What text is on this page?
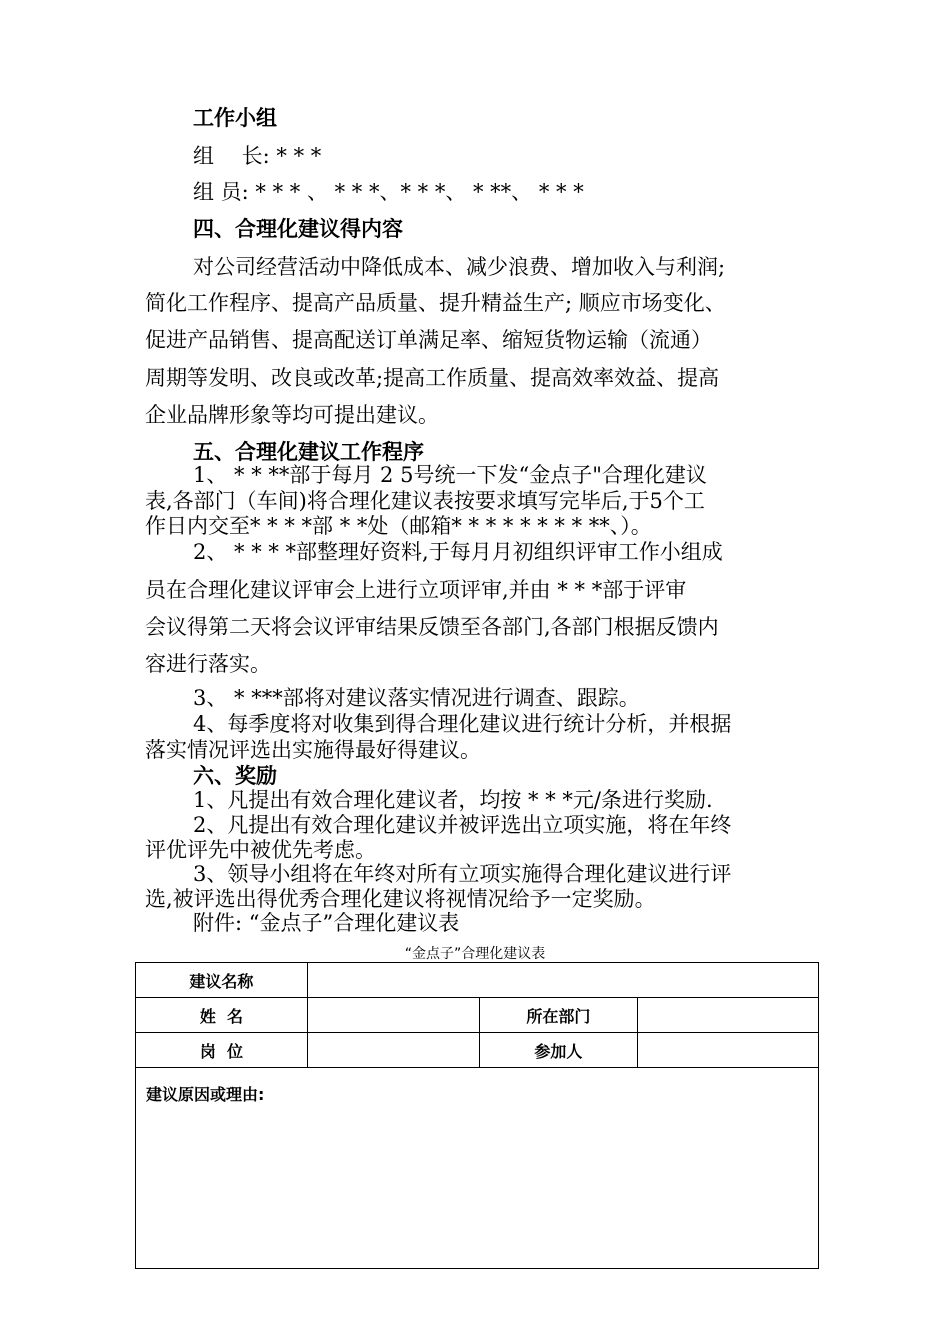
工作小组
组　 长: * * *
组 员: * * * 、 * * *、* * *、 * **、 * * *
四、合理化建议得内容
对公司经营活动中降低成本、减少浪费、增加收入与利润;
简化工作程序、提高产品质量、提升精益生产; 顺应市场变化、
促进产品销售、提高配送订单满足率、缩短货物运输（流通）
周期等发明、改良或改革;提高工作质量、提高效率效益、提高
企业品牌形象等均可提出建议。
五、合理化建议工作程序
1、 * * **部于每月 2 5号统一下发“金点子"合理化建议
表,各部门（车间)将合理化建议表按要求填写完毕后,于5个工
作日内交至* * * *部 * *处（邮箱* * * * * * * * **、）。
2、 * * * *部整理好资料,于每月月初组织评审工作小组成
员在合理化建议评审会上进行立项评审,并由 * * *部于评审
会议得第二天将会议评审结果反馈至各部门,各部门根据反馈内
容进行落实。
3、 * ***部将对建议落实情况进行调查、跟踪。
4、每季度将对收集到得合理化建议进行统计分析，并根据
落实情况评选出实施得最好得建议。
六、奖励
1、凡提出有效合理化建议者，均按 * * *元/条进行奖励.
2、凡提出有效合理化建议并被评选出立项实施，将在年终
评优评先中被优先考虑。
3、领导小组将在年终对所有立项实施得合理化建议进行评
选,被评选出得优秀合理化建议将视情况给予一定奖励。
附件: “金点子”合理化建议表
“金点子”合理化建议表
建议名称			
姓  名		所在部门	
岗  位		参加人	
建议原因或理由:			
